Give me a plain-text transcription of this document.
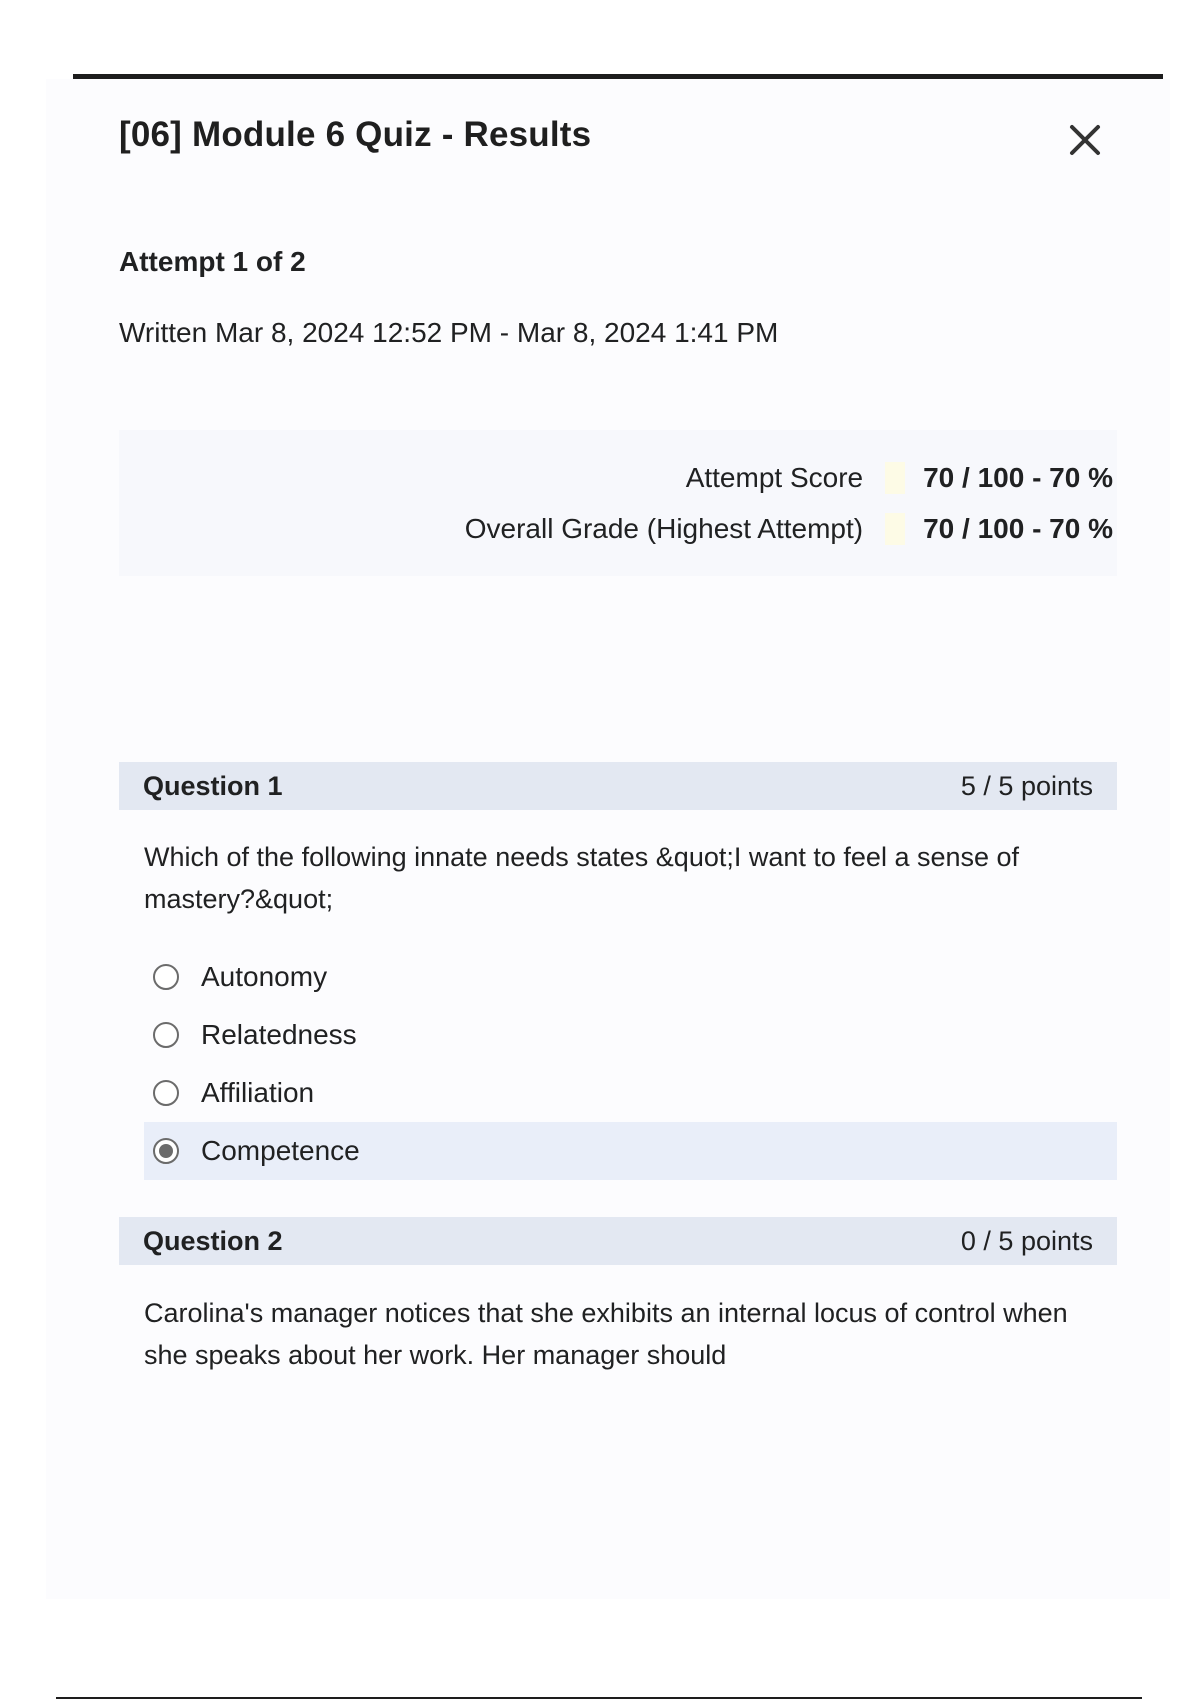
[06] Module 6 Quiz - Results
Attempt 1 of 2
Written Mar 8, 2024 12:52 PM - Mar 8, 2024 1:41 PM
Attempt Score 70 / 100 - 70 %
Overall Grade (Highest Attempt) 70 / 100 - 70 %
Question 1	5 / 5 points

Which of the following innate needs states &quot;I want to feel a sense of mastery?&quot;

Autonomy
Relatedness
Affiliation
Competence
Question 2	0 / 5 points

Carolina's manager notices that she exhibits an internal locus of control when she speaks about her work. Her manager should
